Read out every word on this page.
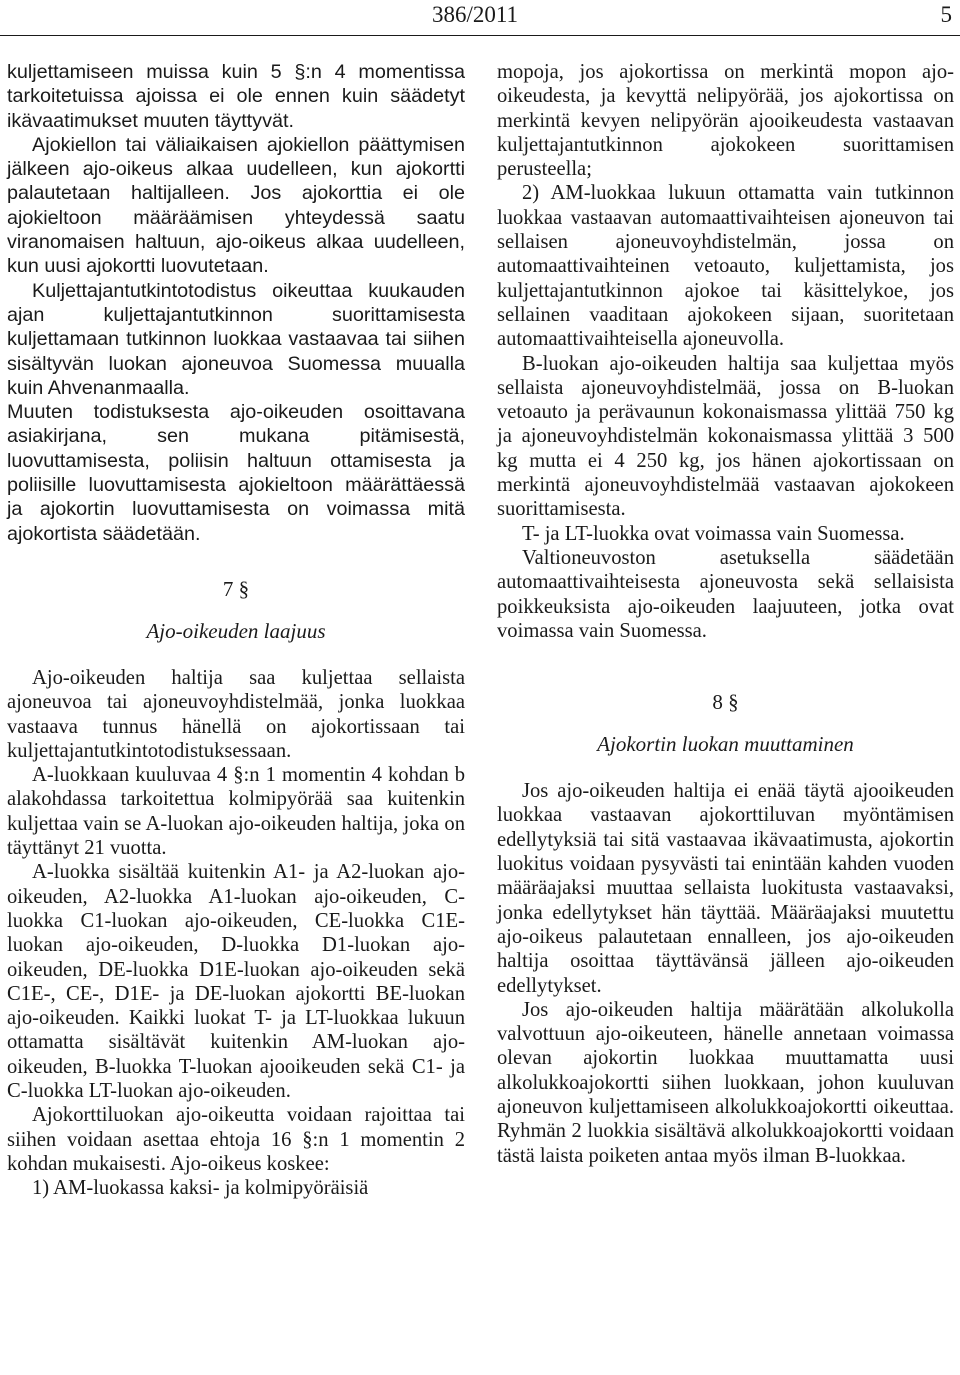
386/2011	5

kuljettamiseen muissa kuin 5 §:n 4 momentissa tarkoitetuissa ajoissa ei ole ennen kuin säädetyt ikävaatimukset muuten täyttyvät.

Ajokiellon tai väliaikaisen ajokiellon päättymisen jälkeen ajo-oikeus alkaa uudelleen, kun ajokortti palautetaan haltijalleen. Jos ajokorttia ei ole ajokieltoon määräämisen yhteydessä saatu viranomaisen haltuun, ajo-oikeus alkaa uudelleen, kun uusi ajokortti luovutetaan.

Kuljettajantutkintotodistus oikeuttaa kuukauden ajan kuljettajantutkinnon suorittamisesta kuljettamaan tutkinnon luokkaa vastaavaa tai siihen sisältyvän luokan ajoneuvoa Suomessa muualla kuin Ahvenanmaalla.

Muuten todistuksesta ajo-oikeuden osoittavana asiakirjana, sen mukana pitämisestä, luovuttamisesta, poliisin haltuun ottamisesta ja poliisille luovuttamisesta ajokieltoon määrättäessä ja ajokortin luovuttamisesta on voimassa mitä ajokortista säädetään.

7 §

Ajo-oikeuden laajuus

Ajo-oikeuden haltija saa kuljettaa sellaista ajoneuvoa tai ajoneuvoyhdistelmää, jonka luokkaa vastaava tunnus hänellä on ajokortissaan tai kuljettajantutkintotodistuksessaan.

A-luokkaan kuuluvaa 4 §:n 1 momentin 4 kohdan b alakohdassa tarkoitettua kolmipyörää saa kuitenkin kuljettaa vain se A-luokan ajo-oikeuden haltija, joka on täyttänyt 21 vuotta.

A-luokka sisältää kuitenkin A1- ja A2-luokan ajo-oikeuden, A2-luokka A1-luokan ajo-oikeuden, C-luokka C1-luokan ajo-oikeuden, CE-luokka C1E-luokan ajo-oikeuden, D-luokka D1-luokan ajo-oikeuden, DE-luokka D1E-luokan ajo-oikeuden sekä C1E-, CE-, D1E- ja DE-luokan ajokortti BE-luokan ajo-oikeuden. Kaikki luokat T- ja LT-luokkaa lukuun ottamatta sisältävät kuitenkin AM-luokan ajo-oikeuden, B-luokka T-luokan ajooikeuden sekä C1- ja C-luokka LT-luokan ajo-oikeuden.

Ajokorttiluokan ajo-oikeutta voidaan rajoittaa tai siihen voidaan asettaa ehtoja 16 §:n 1 momentin 2 kohdan mukaisesti. Ajo-oikeus koskee:

1) AM-luokassa kaksi- ja kolmipyöräisiä

mopoja, jos ajokortissa on merkintä mopon ajo-oikeudesta, ja kevyttä nelipyörää, jos ajokortissa on merkintä kevyen nelipyörän ajooikeudesta vastaavan kuljettajantutkinnon ajokokeen suorittamisen perusteella;

2) AM-luokkaa lukuun ottamatta vain tutkinnon luokkaa vastaavan automaattivaihteisen ajoneuvon tai sellaisen ajoneuvoyhdistelmän, jossa on automaattivaihteinen vetoauto, kuljettamista, jos kuljettajantutkinnon ajokoe tai käsittelykoe, jos sellainen vaaditaan ajokokeen sijaan, suoritetaan automaattivaihteisella ajoneuvolla.

B-luokan ajo-oikeuden haltija saa kuljettaa myös sellaista ajoneuvoyhdistelmää, jossa on B-luokan vetoauto ja perävaunun kokonaismassa ylittää 750 kg ja ajoneuvoyhdistelmän kokonaismassa ylittää 3 500 kg mutta ei 4 250 kg, jos hänen ajokortissaan on merkintä ajoneuvoyhdistelmää vastaavan ajokokeen suorittamisesta.

T- ja LT-luokka ovat voimassa vain Suomessa.

Valtioneuvoston asetuksella säädetään automaattivaihteisesta ajoneuvosta sekä sellaisista poikkeuksista ajo-oikeuden laajuuteen, jotka ovat voimassa vain Suomessa.

8 §

Ajokortin luokan muuttaminen

Jos ajo-oikeuden haltija ei enää täytä ajooikeuden luokkaa vastaavan ajokorttiluvan myöntämisen edellytyksiä tai sitä vastaavaa ikävaatimusta, ajokortin luokitus voidaan pysyvästi tai enintään kahden vuoden määräajaksi muuttaa sellaista luokitusta vastaavaksi, jonka edellytykset hän täyttää. Määräajaksi muutettu ajo-oikeus palautetaan ennalleen, jos ajo-oikeuden haltija osoittaa täyttävänsä jälleen ajo-oikeuden edellytykset.

Jos ajo-oikeuden haltija määrätään alkolukolla valvottuun ajo-oikeuteen, hänelle annetaan voimassa olevan ajokortin luokkaa muuttamatta uusi alkolukkoajokortti siihen luokkaan, johon kuuluvan ajoneuvon kuljettamiseen alkolukkoajokortti oikeuttaa. Ryhmän 2 luokkia sisältävä alkolukkoajokortti voidaan tästä laista poiketen antaa myös ilman B-luokkaa.
